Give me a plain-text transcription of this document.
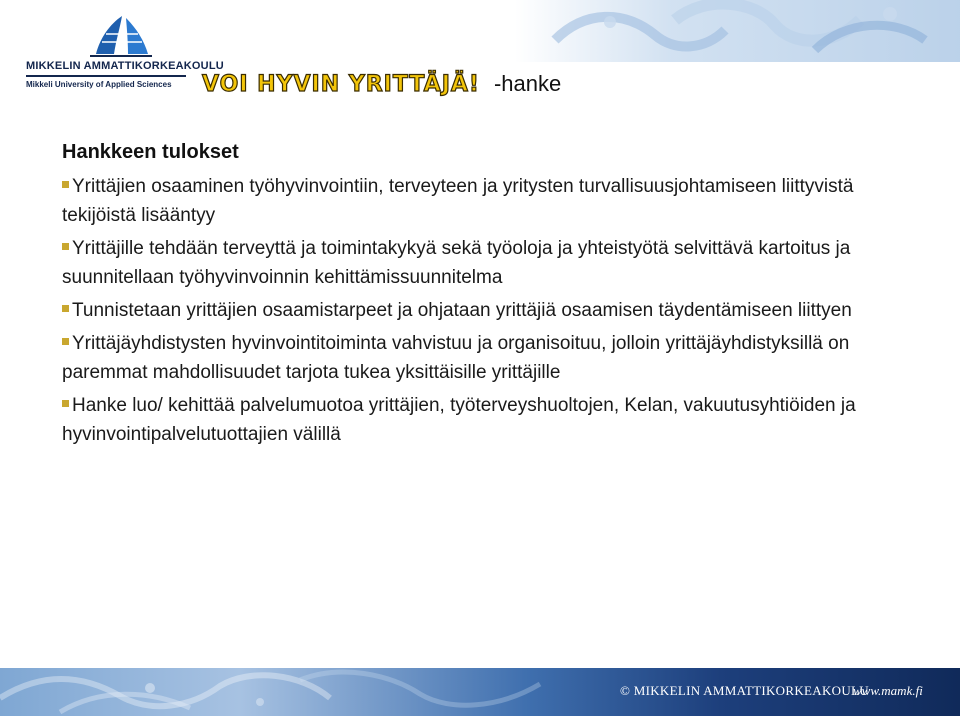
MIKKELIN AMMATTIKORKEAKOULU
Mikkeli University of Applied Sciences VOI HYVIN YRITTÄJÄ! -hanke
Hankkeen tulokset
Yrittäjien osaaminen työhyvinvointiin, terveyteen ja yritysten turvallisuusjohtamiseen liittyvistä tekijöistä lisääntyy
Yrittäjille tehdään terveyttä ja toimintakykyä sekä työoloja ja yhteistyötä selvittävä kartoitus ja suunnitellaan työhyvinvoinnin kehittämissuunnitelma
Tunnistetaan yrittäjien osaamistarpeet ja ohjataan yrittäjiä osaamisen täydentämiseen liittyen
Yrittäjäyhdistysten hyvinvointitoiminta vahvistuu ja organisoituu, jolloin yrittäjäyhdistyksillä on paremmat mahdollisuudet tarjota tukea yksittäisille yrittäjille
Hanke luo/ kehittää palvelumuotoa yrittäjien, työterveyshuoltojen, Kelan, vakuutusyhtiöiden ja hyvinvointipalvelutuottajien välillä
© MIKKELIN AMMATTIKORKEAKOULU
www.mamk.fi
